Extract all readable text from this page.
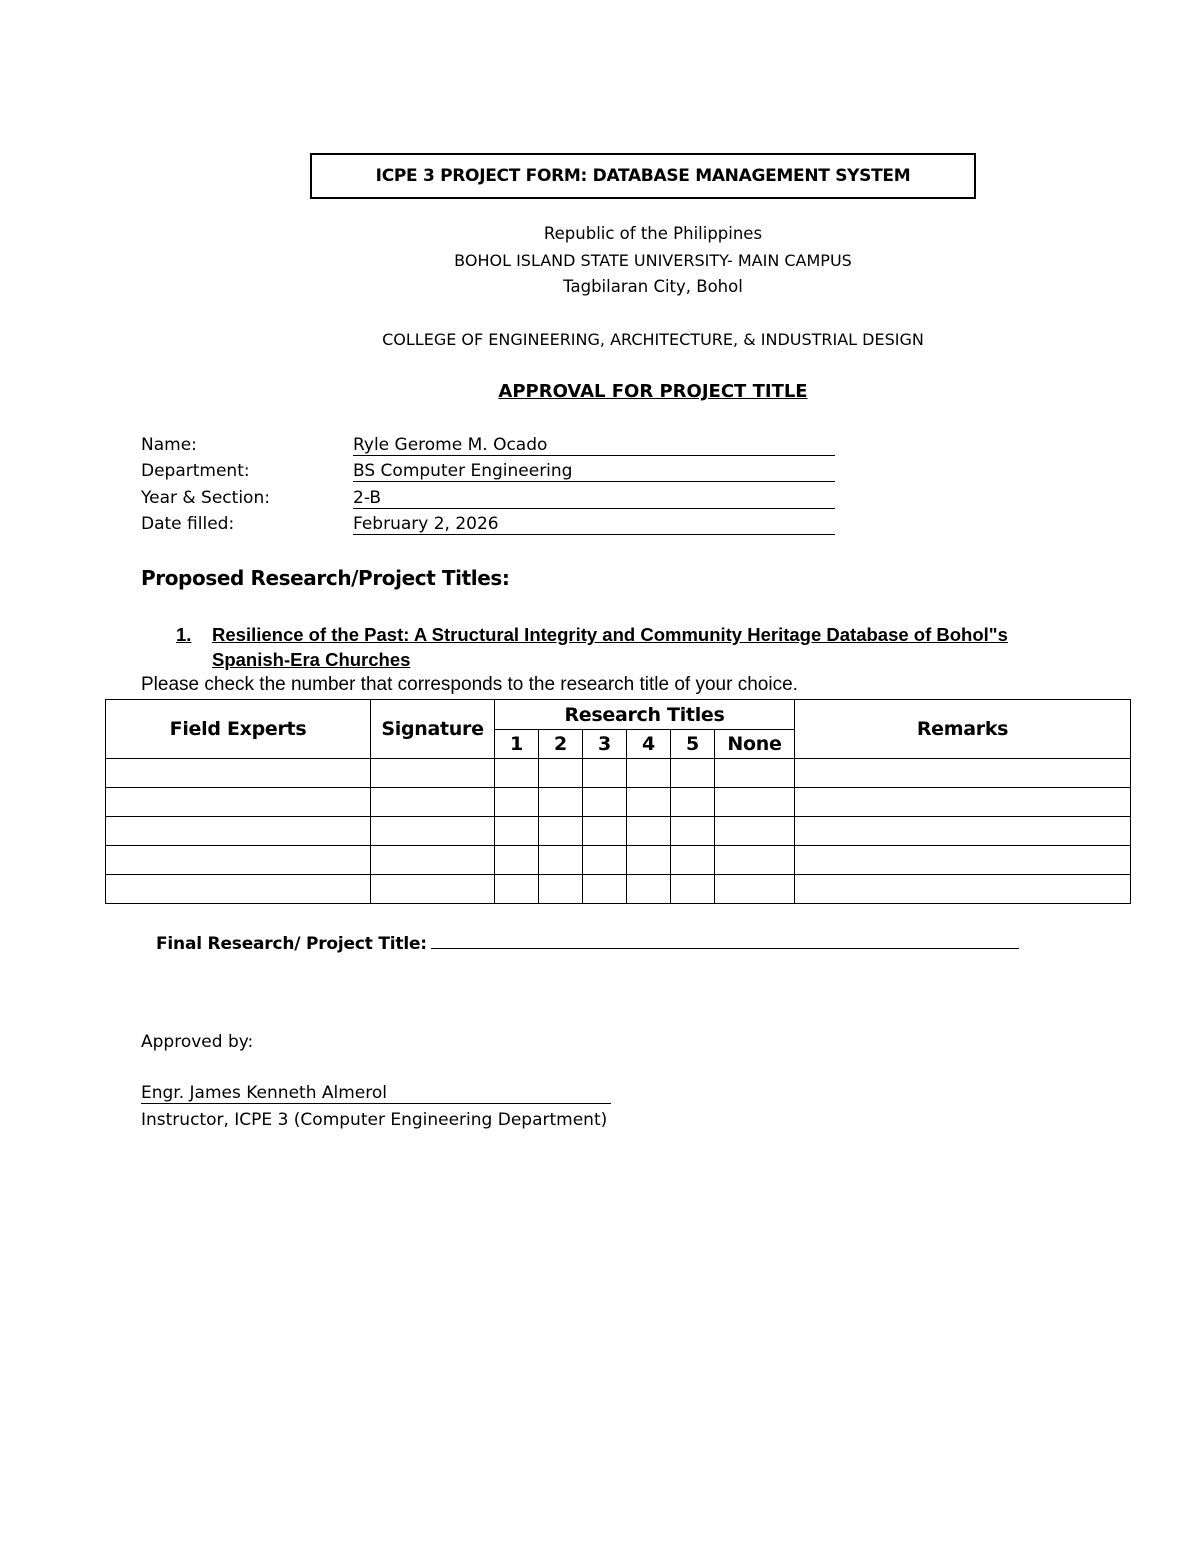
ICPE 3 PROJECT FORM: DATABASE MANAGEMENT SYSTEM
Republic of the Philippines
BOHOL ISLAND STATE UNIVERSITY- MAIN CAMPUS
Tagbilaran City, Bohol
COLLEGE OF ENGINEERING, ARCHITECTURE, & INDUSTRIAL DESIGN
APPROVAL FOR PROJECT TITLE
Name:	Ryle Gerome M. Ocado
Department:	BS Computer Engineering
Year & Section:	2-B
Date filled:	February 2, 2026
Proposed Research/Project Titles:
1. Resilience of the Past: A Structural Integrity and Community Heritage Database of Bohol"s Spanish-Era Churches
Please check the number that corresponds to the research title of your choice.
Field Experts	Signature	Research Titles						Remarks
		1	2	3	4	5	None	

Final Research/ Project Title:
Approved by:
Engr. James Kenneth Almerol
Instructor, ICPE 3 (Computer Engineering Department)
